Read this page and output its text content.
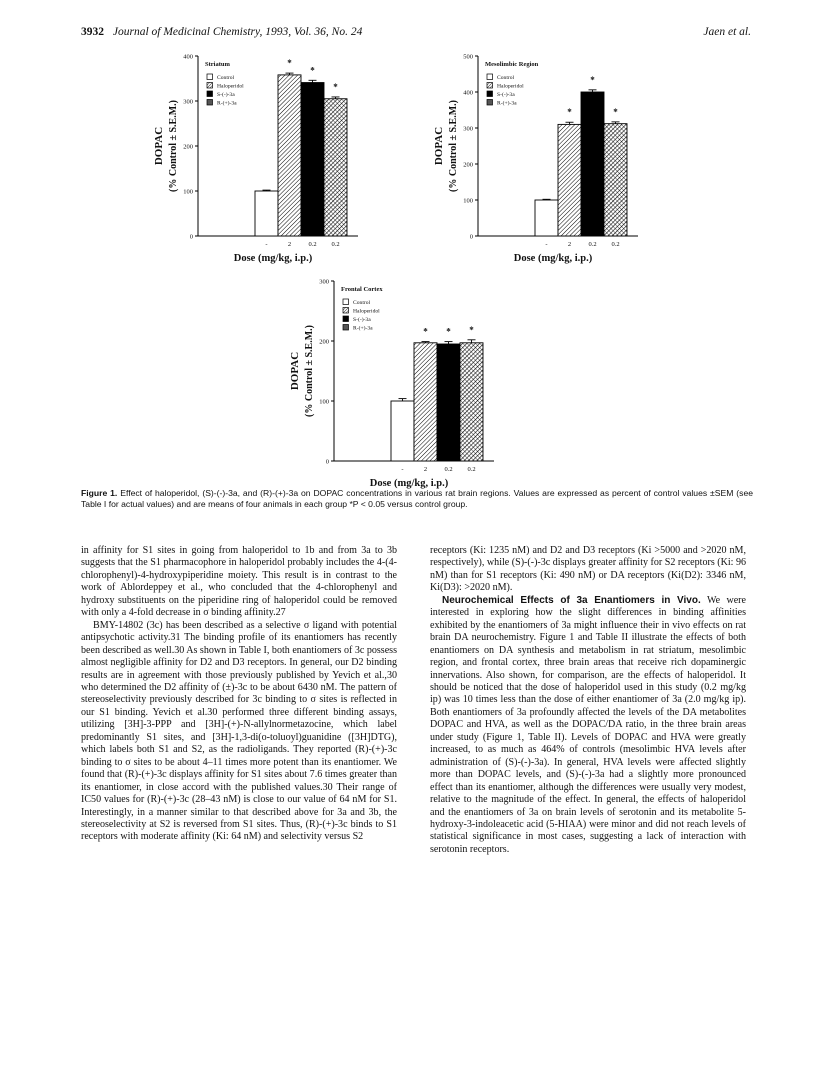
3932 Journal of Medicinal Chemistry, 1993, Vol. 36, No. 24	Jaen et al.
0
100
200
300
400
DOPAC (% Control ± S.E.M.)
-
*
2
*
0.2
*
0.2
Dose (mg/kg, i.p.)
Striatum
Control
Haloperidol
S-(-)-3a
R-(+)-3a
0
100
200
300
400
500
DOPAC (% Control ± S.E.M.)
-
*
2
*
0.2
*
0.2
Dose (mg/kg, i.p.)
Mesolimbic Region
Control
Haloperidol
S-(-)-3a
R-(+)-3a
0
100
200
300
DOPAC (% Control ± S.E.M.)
-
*
2
*
0.2
*
0.2
Dose (mg/kg, i.p.)
Frontal Cortex
Control
Haloperidol
S-(-)-3a
R-(+)-3a
Figure 1. Effect of haloperidol, (S)-(-)-3a, and (R)-(+)-3a on DOPAC concentrations in various rat brain regions. Values are expressed as percent of control values ±SEM (see Table I for actual values) and are means of four animals in each group *P < 0.05 versus control group.

in affinity for S1 sites in going from haloperidol to 1b and from 3a to 3b suggests that the S1 pharmacophore in haloperidol probably includes the 4-(4-chlorophenyl)-4-hydroxypiperidine moiety. This result is in contrast to the work of Ablordeppey et al., who concluded that the 4-chlorophenyl and hydroxy substituents on the piperidine ring of haloperidol could be removed with only a 4-fold decrease in σ binding affinity.27

BMY-14802 (3c) has been described as a selective σ ligand with potential antipsychotic activity.31 The binding profile of its enantiomers has recently been described as well.30 As shown in Table I, both enantiomers of 3c possess almost negligible affinity for D2 and D3 receptors. In general, our D2 binding results are in agreement with those previously published by Yevich et al.,30 who determined the D2 affinity of (±)-3c to be about 6430 nM. The pattern of stereoselectivity previously described for 3c binding to σ sites is reflected in our S1 binding. Yevich et al.30 performed three different binding assays, utilizing [3H]-3-PPP and [3H]-(+)-N-allylnormetazocine, which label predominantly S1 sites, and [3H]-1,3-di(o-toluoyl)guanidine ([3H]DTG), which labels both S1 and S2, as the radioligands. They reported (R)-(+)-3c binding to σ sites to be about 4–11 times more potent than its enantiomer. We found that (R)-(+)-3c displays affinity for S1 sites about 7.6 times greater than its enantiomer, in close accord with the published values.30 Their range of IC50 values for (R)-(+)-3c (28–43 nM) is close to our value of 64 nM for S1. Interestingly, in a manner similar to that described above for 3a and 3b, the stereoselectivity at S2 is reversed from S1 sites. Thus, (R)-(+)-3c binds to S1 receptors with moderate affinity (Ki: 64 nM) and selectivity versus S2

receptors (Ki: 1235 nM) and D2 and D3 receptors (Ki >5000 and >2020 nM, respectively), while (S)-(-)-3c displays greater affinity for S2 receptors (Ki: 96 nM) than for S1 receptors (Ki: 490 nM) or DA receptors (Ki(D2): 3346 nM, Ki(D3): >2020 nM).

Neurochemical Effects of 3a Enantiomers in Vivo. We were interested in exploring how the slight differences in binding affinities exhibited by the enantiomers of 3a might influence their in vivo effects on rat brain DA neurochemistry. Figure 1 and Table II illustrate the effects of both enantiomers on DA synthesis and metabolism in rat striatum, mesolimbic region, and frontal cortex, three brain areas that receive rich dopaminergic innervations. Also shown, for comparison, are the effects of haloperidol. It should be noticed that the dose of haloperidol used in this study (0.2 mg/kg ip) was 10 times less than the dose of either enantiomer of 3a (2.0 mg/kg ip). Both enantiomers of 3a profoundly affected the levels of the DA metabolites DOPAC and HVA, as well as the DOPAC/DA ratio, in the three brain areas under study (Figure 1, Table II). Levels of DOPAC and HVA were greatly increased, to as much as 464% of controls (mesolimbic HVA levels after administration of (S)-(-)-3a). In general, HVA levels were affected slightly more than DOPAC levels, and (S)-(-)-3a had a slightly more pronounced effect than its enantiomer, although the differences were usually very modest, relative to the magnitude of the effect. In general, the effects of haloperidol and the enantiomers of 3a on brain levels of serotonin and its metabolite 5-hydroxy-3-indoleacetic acid (5-HIAA) were minor and did not reach levels of statistical significance in most cases, suggesting a lack of interaction with serotonin receptors.
